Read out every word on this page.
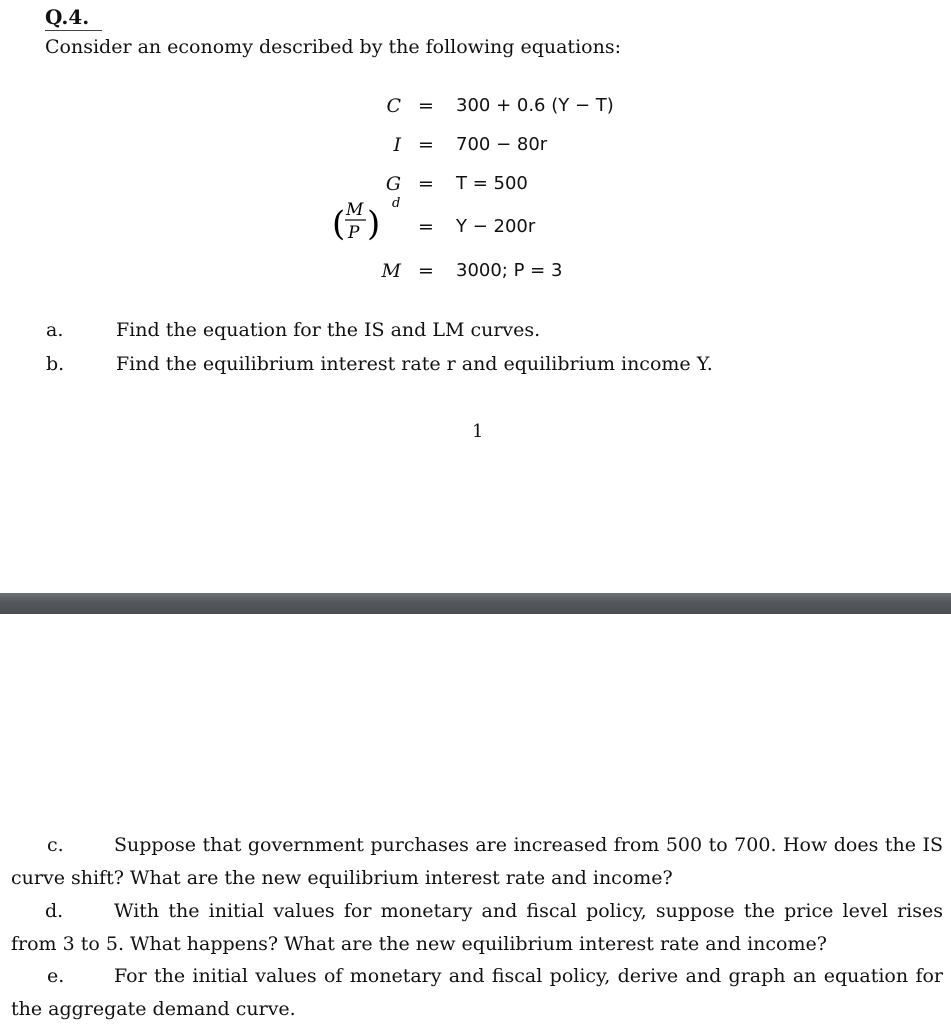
Q.4.
Consider an economy described by the following equations:
C = 300 + 0.6 (Y − T)
I = 700 − 80r
G = T = 500
( M
P )
d
= Y − 200r
M = 3000; P = 3
a.	Find the equation for the IS and LM curves.
b.	Find the equilibrium interest rate r and equilibrium income Y.
1
c.	Suppose that government purchases are increased from 500 to 700. How does the IS curve shift? What are the new equilibrium interest rate and income?
d.	With the initial values for monetary and fiscal policy, suppose the price level rises from 3 to 5. What happens? What are the new equilibrium interest rate and income?
e.	For the initial values of monetary and fiscal policy, derive and graph an equation for the aggregate demand curve.
